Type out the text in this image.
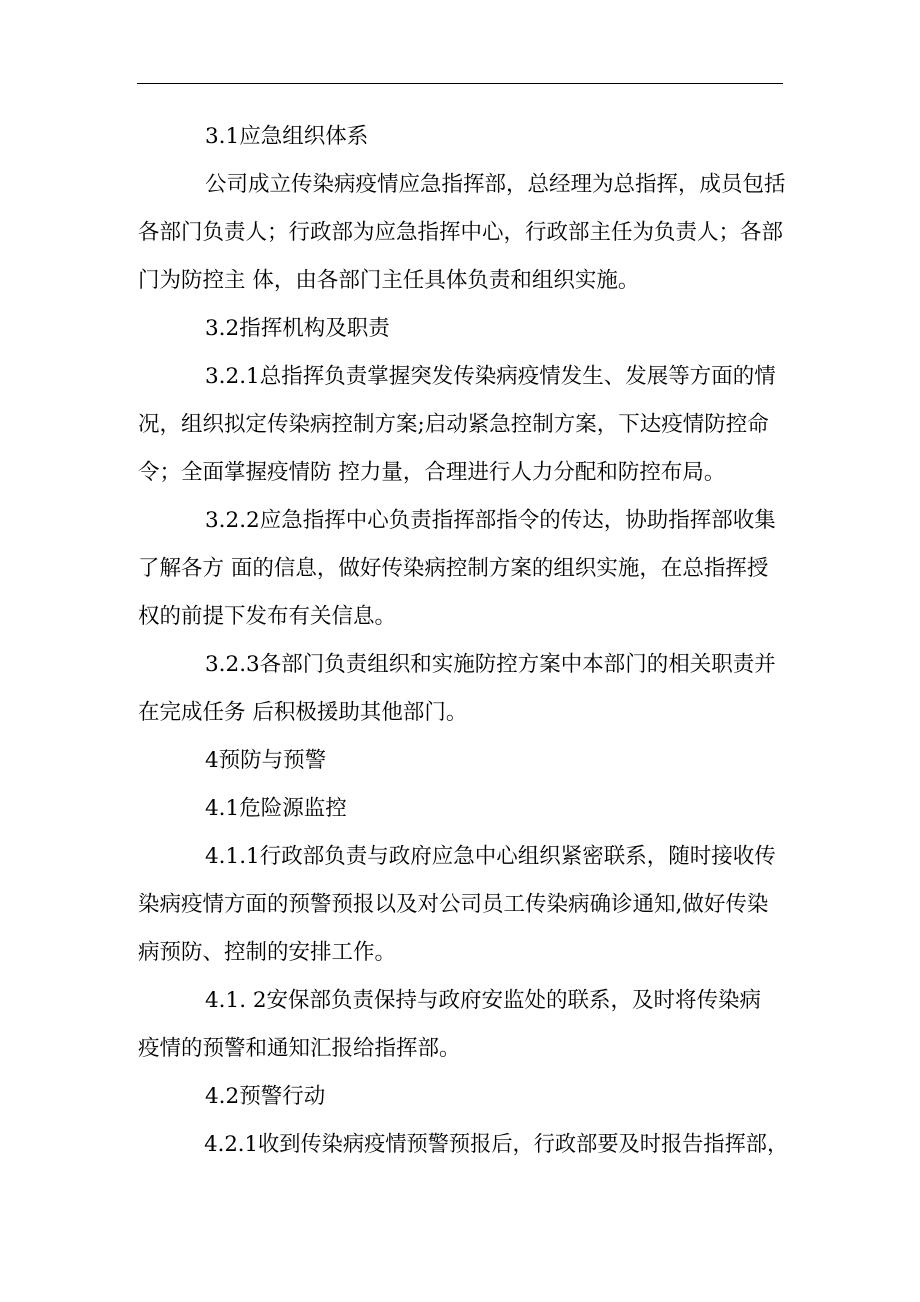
3.1应急组织体系
公司成立传染病疫情应急指挥部，总经理为总指挥，成员包括
各部门负责人；行政部为应急指挥中心，行政部主任为负责人；各部
门为防控主 体，由各部门主任具体负责和组织实施。
3.2指挥机构及职责
3.2.1总指挥负责掌握突发传染病疫情发生、发展等方面的情
况，组织拟定传染病控制方案;启动紧急控制方案，下达疫情防控命
令；全面掌握疫情防 控力量，合理进行人力分配和防控布局。
3.2.2应急指挥中心负责指挥部指令的传达，协助指挥部收集
了解各方 面的信息，做好传染病控制方案的组织实施，在总指挥授
权的前提下发布有关信息。
3.2.3各部门负责组织和实施防控方案中本部门的相关职责并
在完成任务 后积极援助其他部门。
4预防与预警
4.1危险源监控
4.1.1行政部负责与政府应急中心组织紧密联系，随时接收传
染病疫情方面的预警预报以及对公司员工传染病确诊通知,做好传染
病预防、控制的安排工作。
4.1. 2安保部负责保持与政府安监处的联系，及时将传染病
疫情的预警和通知汇报给指挥部。
4.2预警行动
4.2.1收到传染病疫情预警预报后，行政部要及时报告指挥部，
